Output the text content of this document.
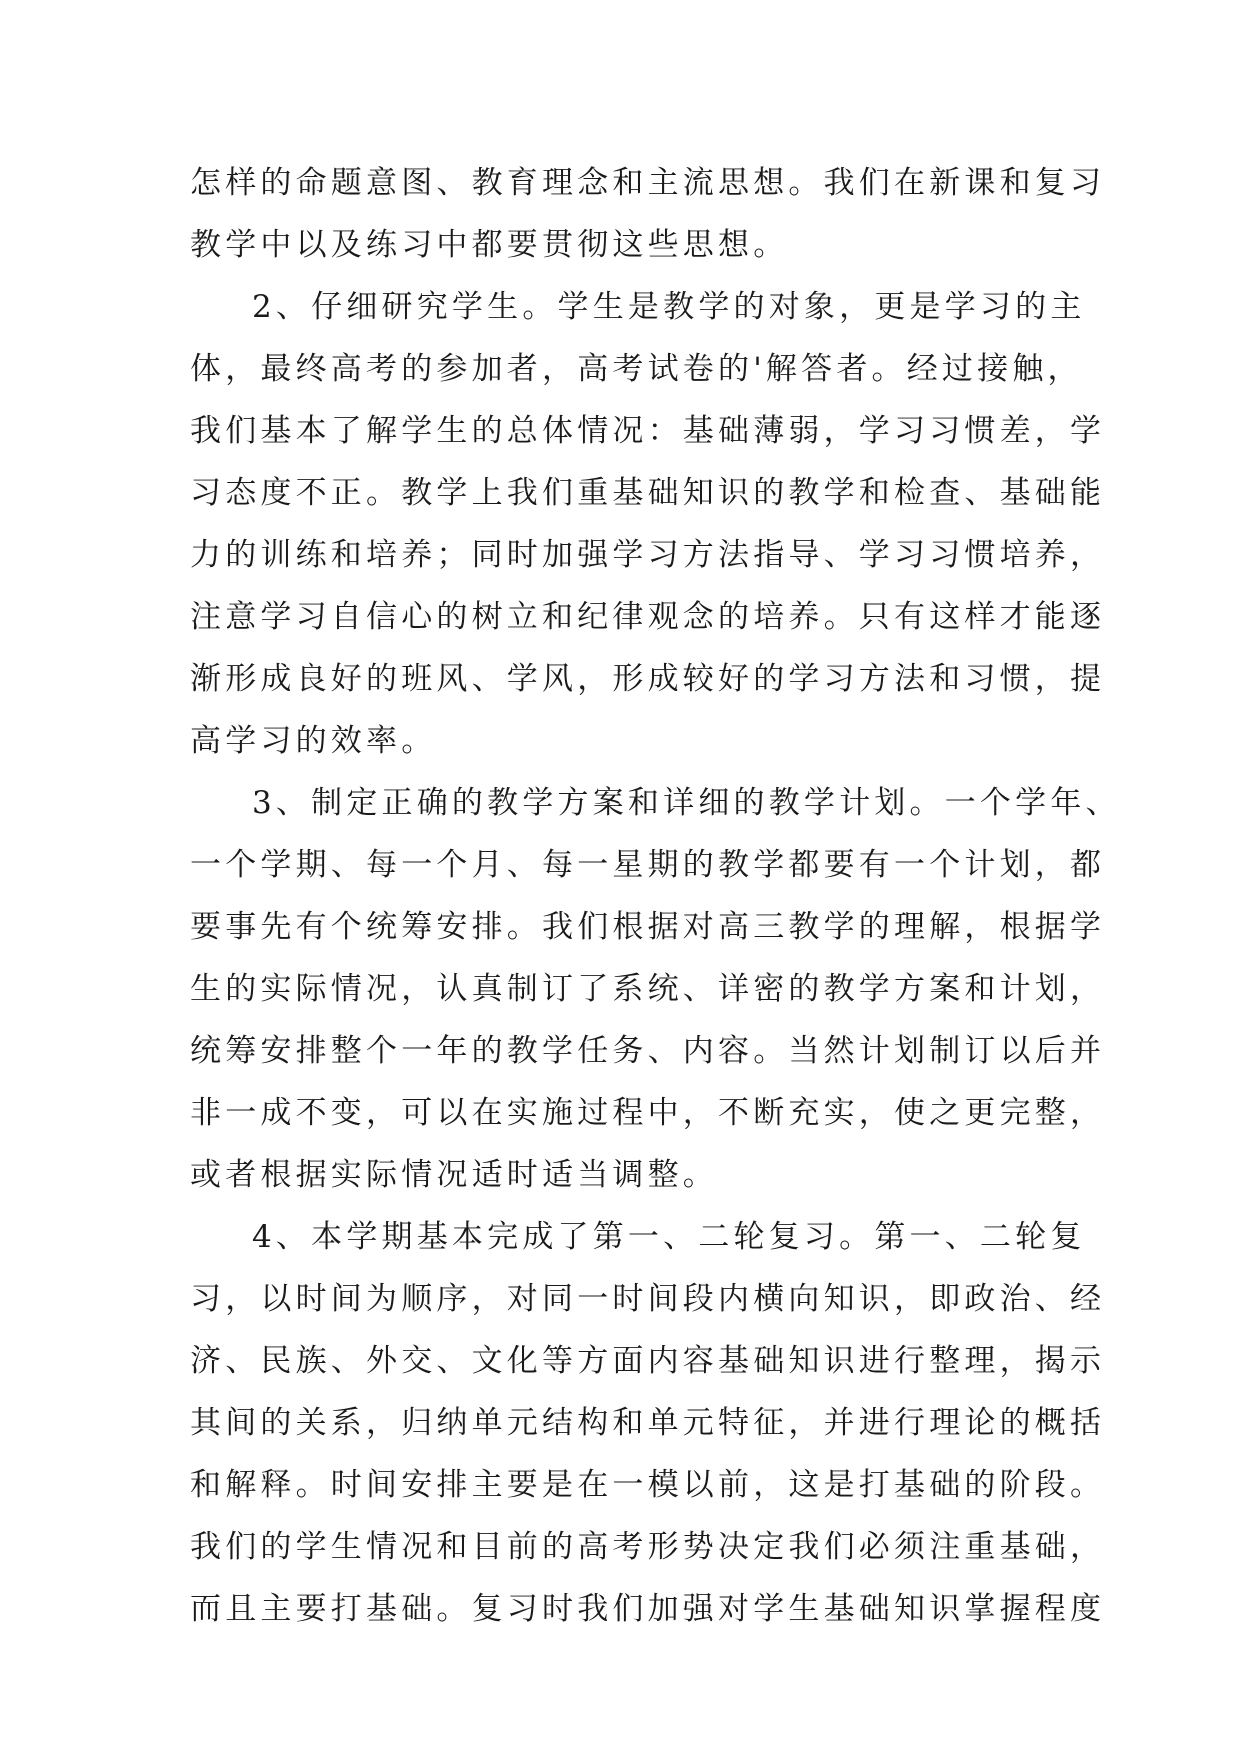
怎样的命题意图、教育理念和主流思想。我们在新课和复习
教学中以及练习中都要贯彻这些思想。
2、仔细研究学生。学生是教学的对象，更是学习的主
体，最终高考的参加者，高考试卷的'解答者。经过接触，
我们基本了解学生的总体情况：基础薄弱，学习习惯差，学
习态度不正。教学上我们重基础知识的教学和检查、基础能
力的训练和培养；同时加强学习方法指导、学习习惯培养，
注意学习自信心的树立和纪律观念的培养。只有这样才能逐
渐形成良好的班风、学风，形成较好的学习方法和习惯，提
高学习的效率。
3、制定正确的教学方案和详细的教学计划。一个学年、
一个学期、每一个月、每一星期的教学都要有一个计划，都
要事先有个统筹安排。我们根据对高三教学的理解，根据学
生的实际情况，认真制订了系统、详密的教学方案和计划，
统筹安排整个一年的教学任务、内容。当然计划制订以后并
非一成不变，可以在实施过程中，不断充实，使之更完整，
或者根据实际情况适时适当调整。
4、本学期基本完成了第一、二轮复习。第一、二轮复
习，以时间为顺序，对同一时间段内横向知识，即政治、经
济、民族、外交、文化等方面内容基础知识进行整理，揭示
其间的关系，归纳单元结构和单元特征，并进行理论的概括
和解释。时间安排主要是在一模以前，这是打基础的阶段。
我们的学生情况和目前的高考形势决定我们必须注重基础，
而且主要打基础。复习时我们加强对学生基础知识掌握程度
